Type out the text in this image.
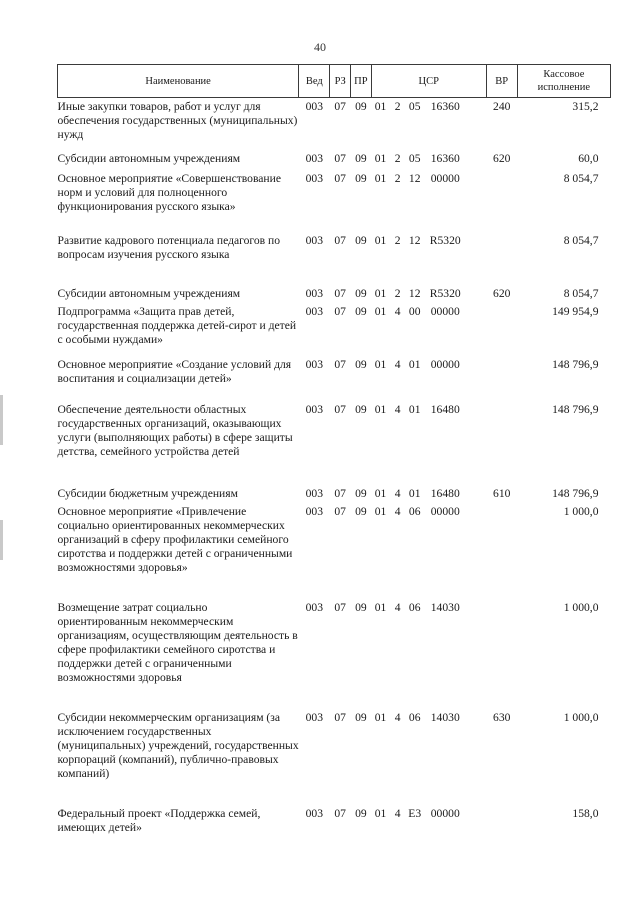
40
Наименование	Вед	РЗ	ПР	ЦСР					ВР	Кассовое исполнение
Иные закупки товаров, работ и услуг для обеспечения государственных (муниципальных) нужд	003	07	09	01	2	05	16360		240	315,2
Субсидии автономным учреждениям	003	07	09	01	2	05	16360		620	60,0
Основное мероприятие «Совершенствование норм и условий для полноценного функционирования русского языка»	003	07	09	01	2	12	00000			8 054,7
Развитие кадрового потенциала педагогов по вопросам изучения русского языка	003	07	09	01	2	12	R5320			8 054,7
Субсидии автономным учреждениям	003	07	09	01	2	12	R5320		620	8 054,7
Подпрограмма «Защита прав детей, государственная поддержка детей-сирот и детей с особыми нуждами»	003	07	09	01	4	00	00000			149 954,9
Основное мероприятие «Создание условий для воспитания и социализации детей»	003	07	09	01	4	01	00000			148 796,9
Обеспечение деятельности областных государственных организаций, оказывающих услуги (выполняющих работы) в сфере защиты детства, семейного устройства детей	003	07	09	01	4	01	16480			148 796,9
Субсидии бюджетным учреждениям	003	07	09	01	4	01	16480		610	148 796,9
Основное мероприятие «Привлечение социально ориентированных некоммерческих организаций в сферу профилактики семейного сиротства и поддержки детей с ограниченными возможностями здоровья»	003	07	09	01	4	06	00000			1 000,0
Возмещение затрат социально ориентированным некоммерческим организациям, осуществляющим деятельность в сфере профилактики семейного сиротства и поддержки детей с ограниченными возможностями здоровья	003	07	09	01	4	06	14030			1 000,0
Субсидии некоммерческим организациям (за исключением государственных (муниципальных) учреждений, государственных корпораций (компаний), публично-правовых компаний)	003	07	09	01	4	06	14030		630	1 000,0
Федеральный проект «Поддержка семей, имеющих детей»	003	07	09	01	4	Е3	00000			158,0
